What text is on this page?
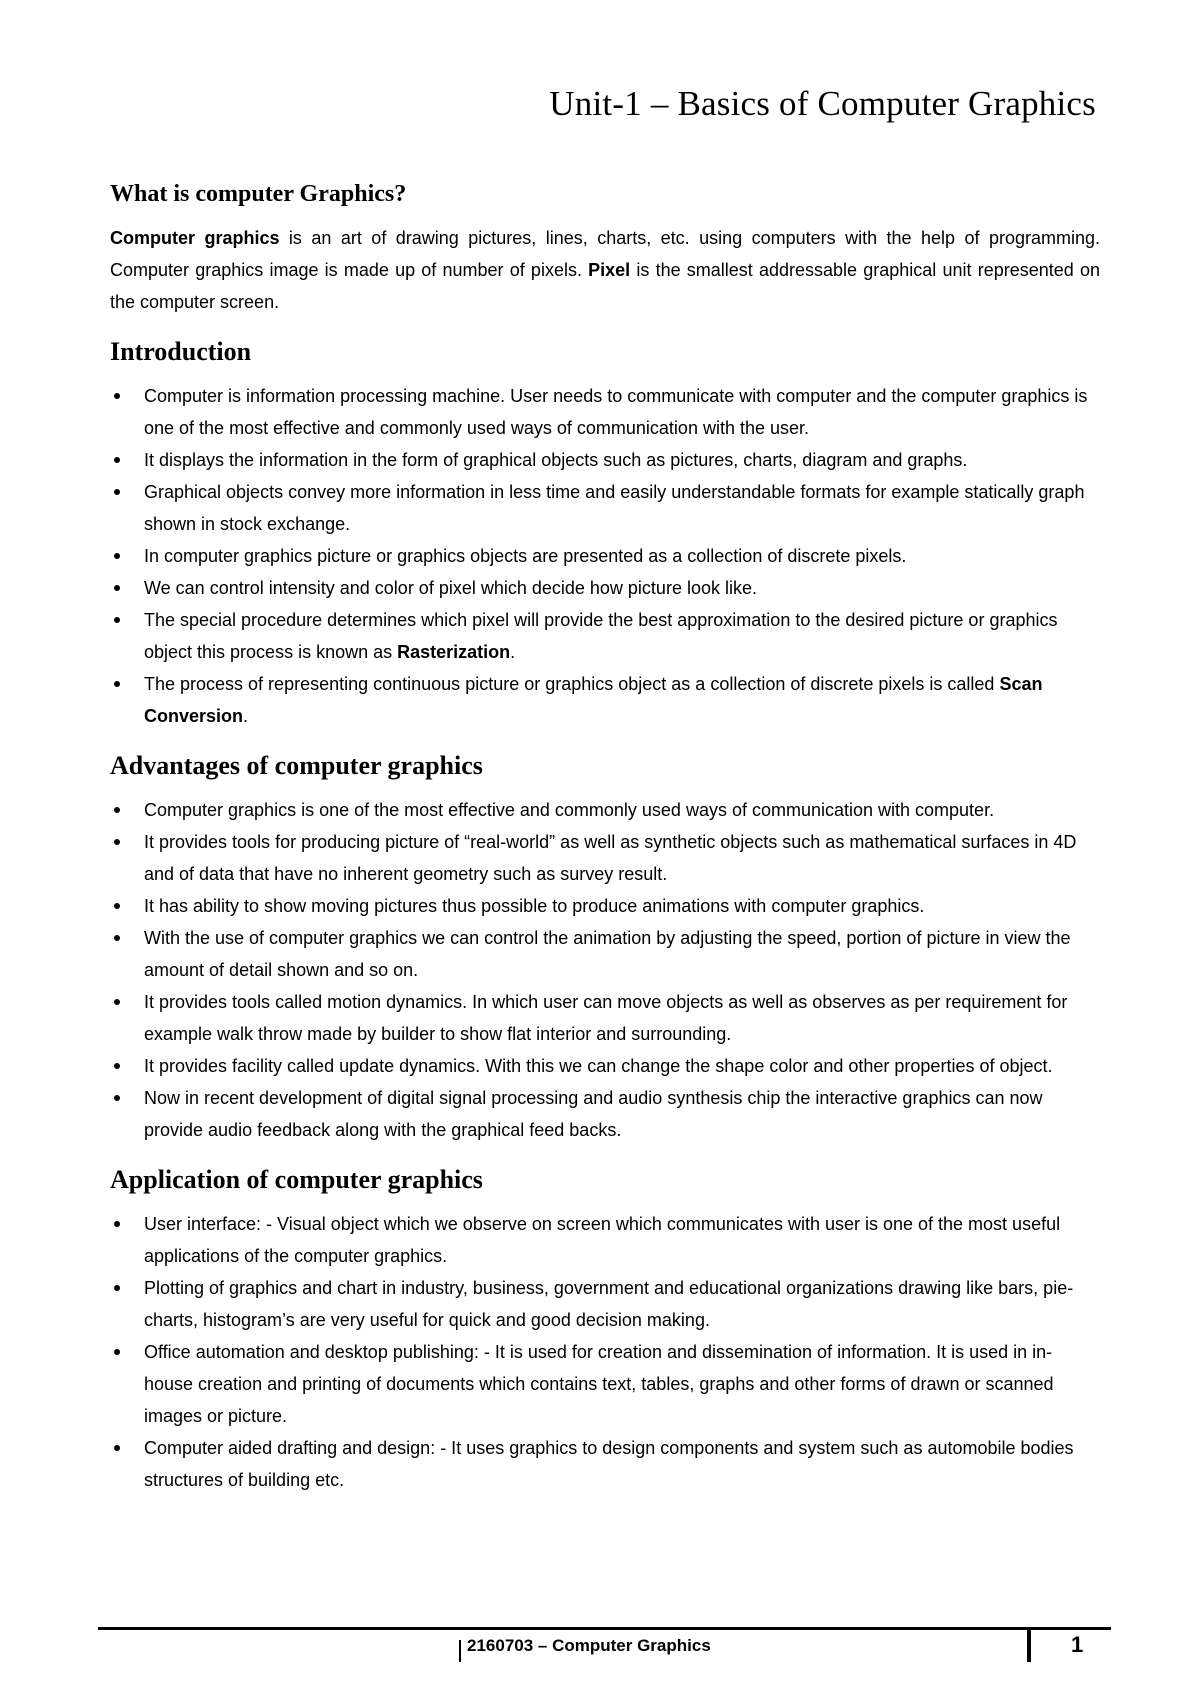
Unit-1 – Basics of Computer Graphics
What is computer Graphics?

Computer graphics is an art of drawing pictures, lines, charts, etc. using computers with the help of programming. Computer graphics image is made up of number of pixels. Pixel is the smallest addressable graphical unit represented on the computer screen.

Introduction
Computer is information processing machine. User needs to communicate with computer and the computer graphics is one of the most effective and commonly used ways of communication with the user.
It displays the information in the form of graphical objects such as pictures, charts, diagram and graphs.
Graphical objects convey more information in less time and easily understandable formats for example statically graph shown in stock exchange.
In computer graphics picture or graphics objects are presented as a collection of discrete pixels.
We can control intensity and color of pixel which decide how picture look like.
The special procedure determines which pixel will provide the best approximation to the desired picture or graphics object this process is known as Rasterization.
The process of representing continuous picture or graphics object as a collection of discrete pixels is called Scan Conversion.
Advantages of computer graphics
Computer graphics is one of the most effective and commonly used ways of communication with computer.
It provides tools for producing picture of “real-world” as well as synthetic objects such as mathematical surfaces in 4D and of data that have no inherent geometry such as survey result.
It has ability to show moving pictures thus possible to produce animations with computer graphics.
With the use of computer graphics we can control the animation by adjusting the speed, portion of picture in view the amount of detail shown and so on.
It provides tools called motion dynamics. In which user can move objects as well as observes as per requirement for example walk throw made by builder to show flat interior and surrounding.
It provides facility called update dynamics. With this we can change the shape color and other properties of object.
Now in recent development of digital signal processing and audio synthesis chip the interactive graphics can now provide audio feedback along with the graphical feed backs.
Application of computer graphics
User interface: - Visual object which we observe on screen which communicates with user is one of the most useful applications of the computer graphics.
Plotting of graphics and chart in industry, business, government and educational organizations drawing like bars, pie-charts, histogram’s are very useful for quick and good decision making.
Office automation and desktop publishing: - It is used for creation and dissemination of information. It is used in in-house creation and printing of documents which contains text, tables, graphs and other forms of drawn or scanned images or picture.
Computer aided drafting and design: - It uses graphics to design components and system such as automobile bodies structures of building etc.
2160703 – Computer Graphics	1
